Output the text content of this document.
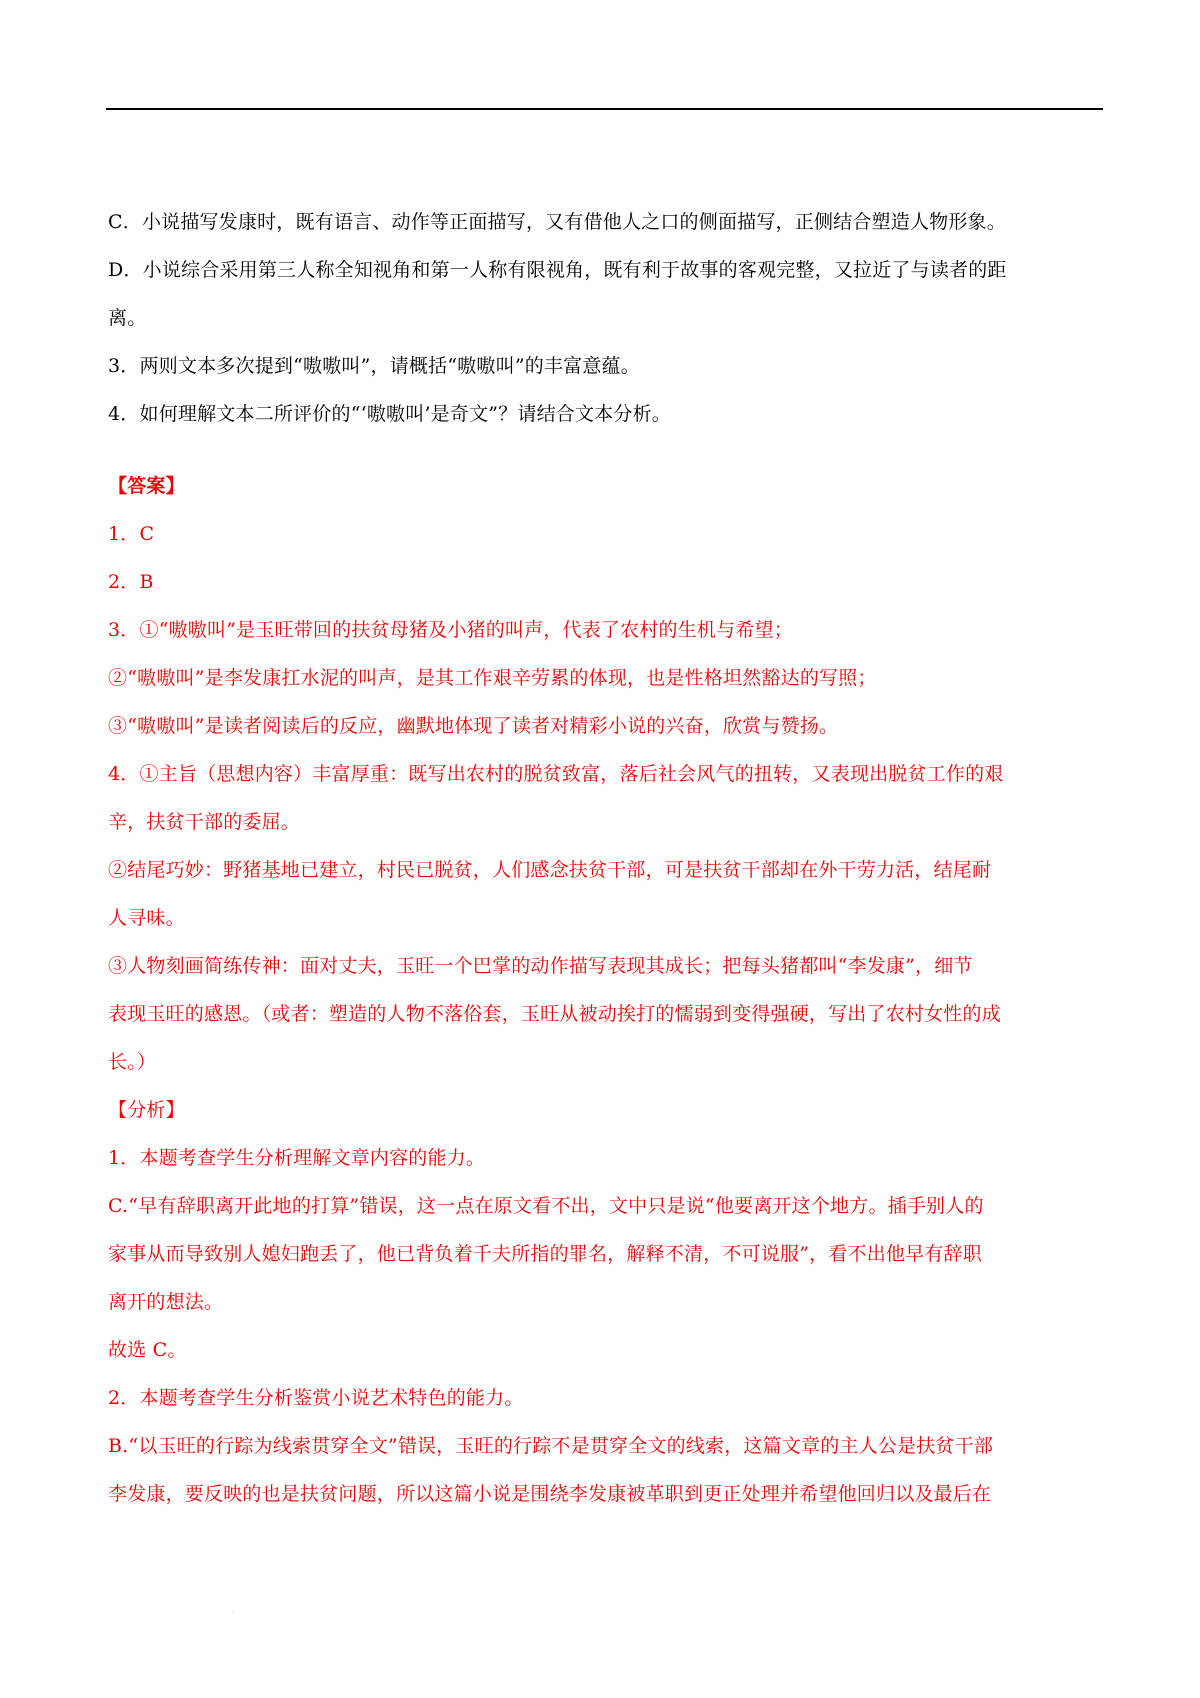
C．小说描写发康时，既有语言、动作等正面描写，又有借他人之口的侧面描写，正侧结合塑造人物形象。

D．小说综合采用第三人称全知视角和第一人称有限视角，既有利于故事的客观完整，又拉近了与读者的距

离。

3．两则文本多次提到“嗷嗷叫”，请概括“嗷嗷叫”的丰富意蕴。

4．如何理解文本二所评价的“‘嗷嗷叫’是奇文”？请结合文本分析。

【答案】

1．C

2．B

3．①“嗷嗷叫”是玉旺带回的扶贫母猪及小猪的叫声，代表了农村的生机与希望；

②“嗷嗷叫”是李发康扛水泥的叫声，是其工作艰辛劳累的体现，也是性格坦然豁达的写照；

③“嗷嗷叫”是读者阅读后的反应，幽默地体现了读者对精彩小说的兴奋，欣赏与赞扬。

4．①主旨（思想内容）丰富厚重：既写出农村的脱贫致富，落后社会风气的扭转，又表现出脱贫工作的艰

辛，扶贫干部的委屈。

②结尾巧妙：野猪基地已建立，村民已脱贫，人们感念扶贫干部，可是扶贫干部却在外干劳力活，结尾耐

人寻味。

③人物刻画简练传神：面对丈夫，玉旺一个巴掌的动作描写表现其成长；把每头猪都叫“李发康”，细节

表现玉旺的感恩。（或者：塑造的人物不落俗套，玉旺从被动挨打的懦弱到变得强硬，写出了农村女性的成

长。）

【分析】

1．本题考查学生分析理解文章内容的能力。

C.“早有辞职离开此地的打算”错误，这一点在原文看不出，文中只是说“他要离开这个地方。插手别人的

家事从而导致别人媳妇跑丢了，他已背负着千夫所指的罪名，解释不清，不可说服”，看不出他早有辞职

离开的想法。

故选 C。

2．本题考查学生分析鉴赏小说艺术特色的能力。

B.“以玉旺的行踪为线索贯穿全文”错误，玉旺的行踪不是贯穿全文的线索，这篇文章的主人公是扶贫干部

李发康，要反映的也是扶贫问题，所以这篇小说是围绕李发康被革职到更正处理并希望他回归以及最后在

·
